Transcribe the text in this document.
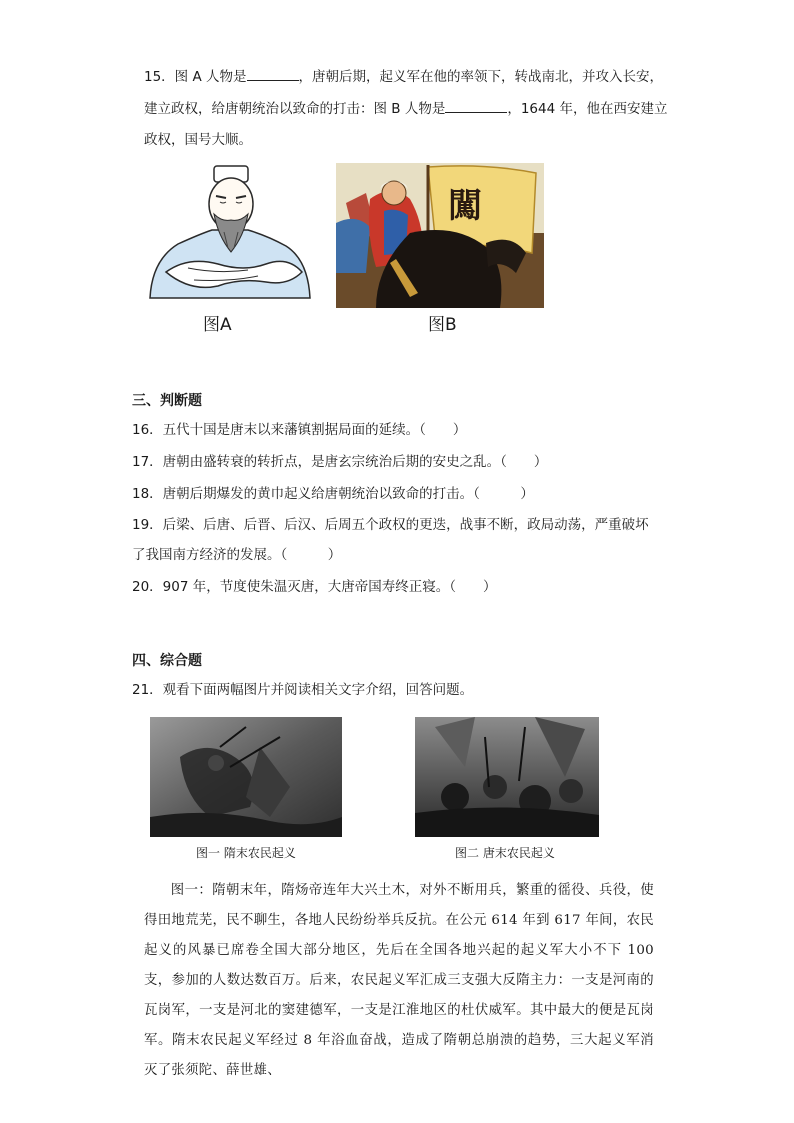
15．图 A 人物是	，唐朝后期，起义军在他的率领下，转战南北，并攻入长安，
建立政权，给唐朝统治以致命的打击：图 B 人物是	，1644 年，他在西安建立
政权，国号大顺。
图A
闖
图B
三、判断题
16．五代十国是唐末以来藩镇割据局面的延续。（　　）
17．唐朝由盛转衰的转折点，是唐玄宗统治后期的安史之乱。（　　）
18．唐朝后期爆发的黄巾起义给唐朝统治以致命的打击。（　　　）
19．后梁、后唐、后晋、后汉、后周五个政权的更迭，战事不断，政局动荡，严重破坏
了我国南方经济的发展。（　　　）
20．907 年，节度使朱温灭唐，大唐帝国寿终正寝。（　　）
四、综合题
21．观看下面两幅图片并阅读相关文字介绍，回答问题。
图一 隋末农民起义	图二 唐末农民起义
图一：隋朝末年，隋炀帝连年大兴土木，对外不断用兵，繁重的徭役、兵役，使得田地荒芜，民不聊生，各地人民纷纷举兵反抗。在公元 614 年到 617 年间，农民起义的风暴已席卷全国大部分地区，先后在全国各地兴起的起义军大小不下 100 支，参加的人数达数百万。后来，农民起义军汇成三支强大反隋主力：一支是河南的瓦岗军，一支是河北的窦建德军，一支是江淮地区的杜伏威军。其中最大的便是瓦岗军。隋末农民起义军经过 8 年浴血奋战，造成了隋朝总崩溃的趋势，三大起义军消灭了张须陀、薛世雄、
